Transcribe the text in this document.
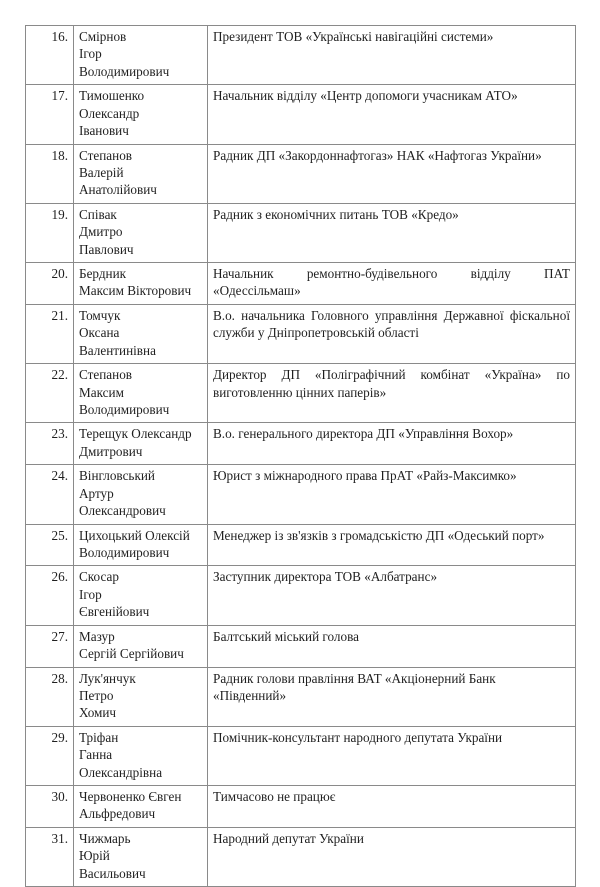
16.	Смірнов
Ігор
Володимирович	Президент ТОВ «Українські навігаційні системи»
17.	Тимошенко
Олександр
Іванович	Начальник відділу «Центр допомоги учасникам АТО»
18.	Степанов
Валерій
Анатолійович	Радник ДП «Закордоннафтогаз» НАК «Нафтогаз України»
19.	Співак
Дмитро
Павлович	Радник з економічних питань ТОВ «Кредо»
20.	Бердник
Максим Вікторович	Начальник ремонтно-будівельного відділу ПАТ «Одессільмаш»
21.	Томчук
Оксана
Валентинівна	В.о. начальника Головного управління Державної фіскальної служби у Дніпропетровській області
22.	Степанов
Максим
Володимирович	Директор ДП «Поліграфічний комбінат «Україна» по виготовленню цінних паперів»
23.	Терещук Олександр
Дмитрович	В.о. генерального директора ДП «Управління Вохор»
24.	Вінгловський
Артур
Олександрович	Юрист з міжнародного права ПрАТ «Райз-Максимко»
25.	Цихоцький Олексій
Володимирович	Менеджер із зв'язків з громадськістю ДП «Одеський порт»
26.	Скосар
Ігор
Євгенійович	Заступник директора ТОВ «Албатранс»
27.	Мазур
Сергій Сергійович	Балтський міський голова
28.	Лук'янчук
Петро
Хомич	Радник голови правління ВАТ «Акціонерний Банк «Південний»
29.	Тріфан
Ганна
Олександрівна	Помічник-консультант народного депутата України
30.	Червоненко Євген
Альфредович	Тимчасово не працює
31.	Чижмарь
Юрій
Васильович	Народний депутат України
